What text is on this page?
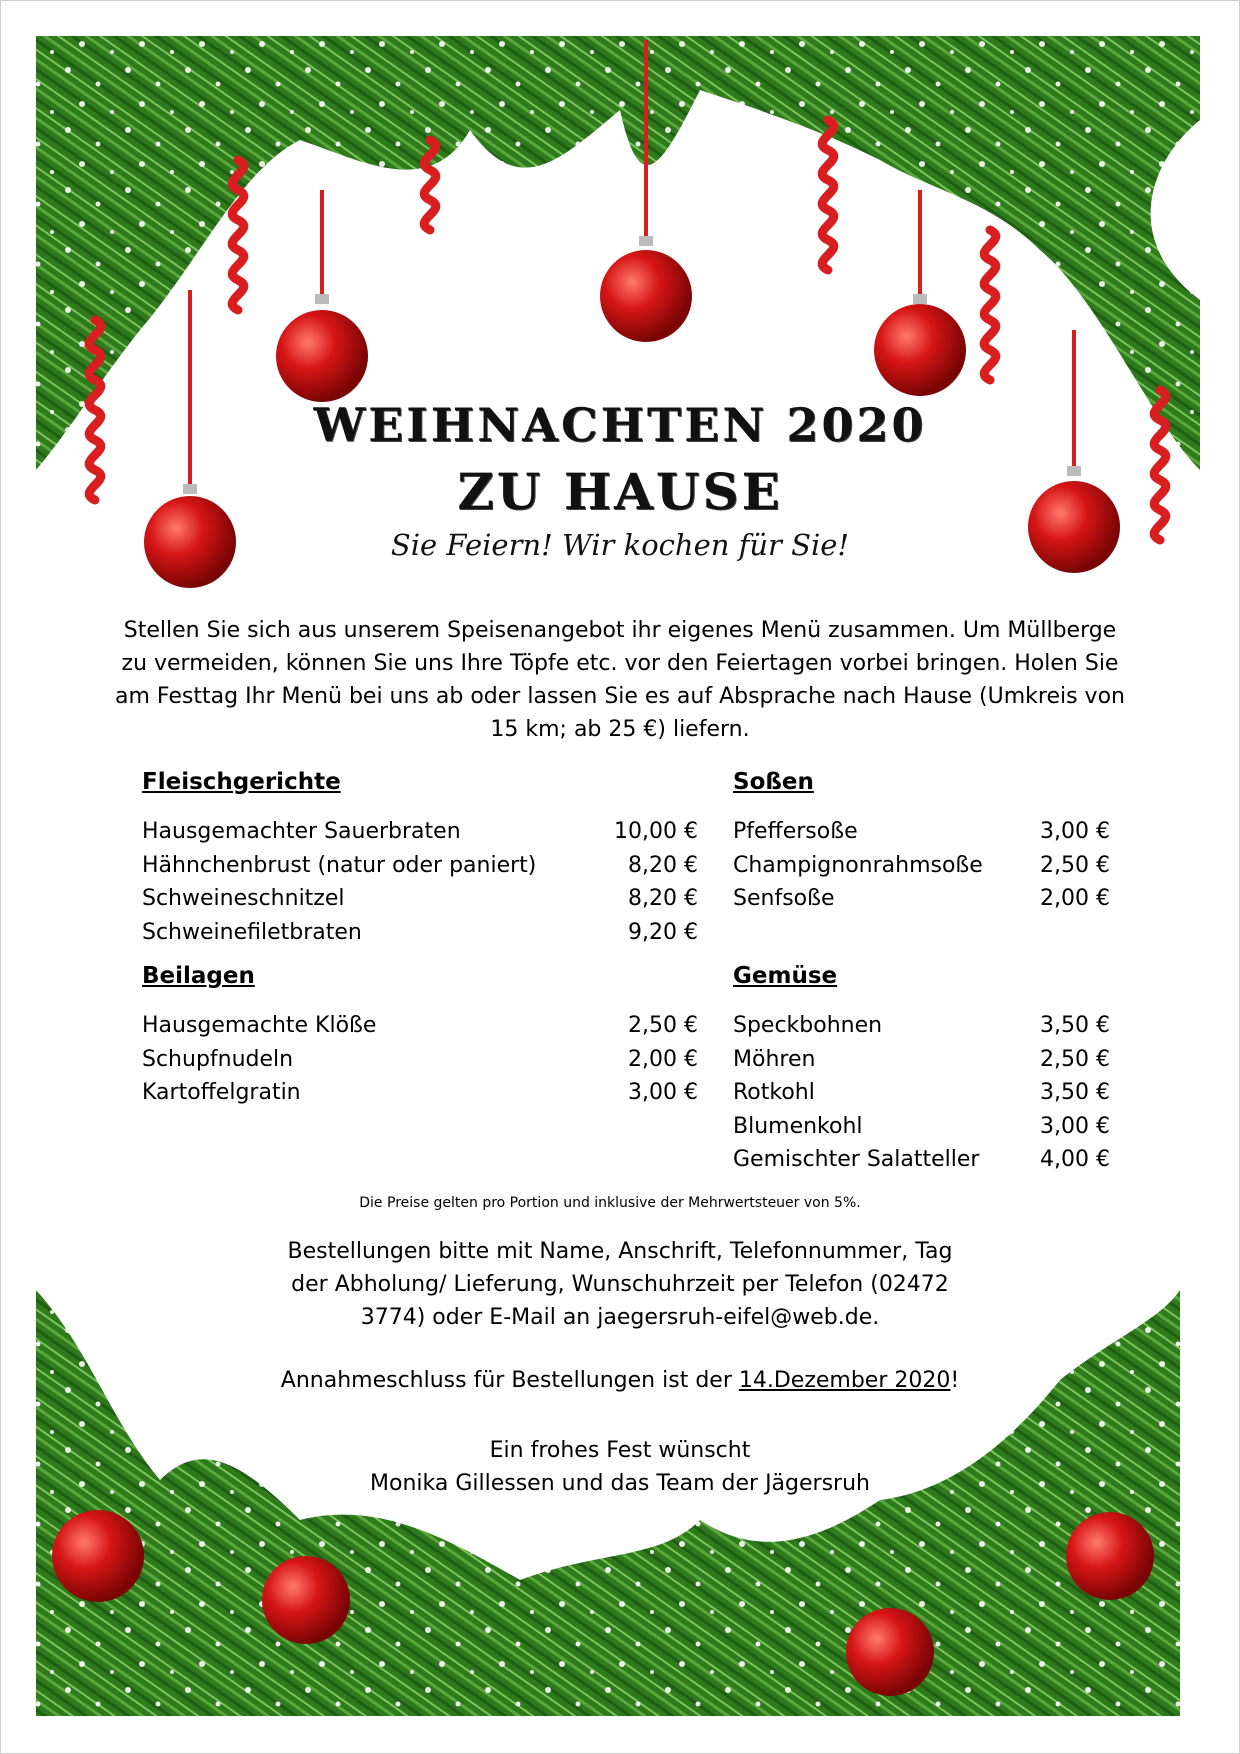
WEIHNACHTEN 2020
ZU HAUSE
Sie Feiern! Wir kochen für Sie!
Stellen Sie sich aus unserem Speisenangebot ihr eigenes Menü zusammen. Um Müllberge zu vermeiden, können Sie uns Ihre Töpfe etc. vor den Feiertagen vorbei bringen. Holen Sie am Festtag Ihr Menü bei uns ab oder lassen Sie es auf Absprache nach Hause (Umkreis von 15 km; ab 25 €) liefern.
Fleischgerichte
Hausgemachter Sauerbraten	10,00 €
Hähnchenbrust (natur oder paniert)	8,20 €
Schweineschnitzel	8,20 €
Schweinefiletbraten	9,20 €
Beilagen
Hausgemachte Klöße	2,50 €
Schupfnudeln	2,00 €
Kartoffelgratin	3,00 €
Soßen
Pfeffersoße	3,00 €
Champignonrahmsoße	2,50 €
Senfsoße	2,00 €
Gemüse
Speckbohnen	3,50 €
Möhren	2,50 €
Rotkohl	3,50 €
Blumenkohl	3,00 €
Gemischter Salatteller	4,00 €
Die Preise gelten pro Portion und inklusive der Mehrwertsteuer von 5%.
Bestellungen bitte mit Name, Anschrift, Telefonnummer, Tag der Abholung/ Lieferung, Wunschuhrzeit per Telefon (02472 3774) oder E-Mail an jaegersruh-eifel@web.de.
Annahmeschluss für Bestellungen ist der 14.Dezember 2020!
Ein frohes Fest wünscht
Monika Gillessen und das Team der Jägersruh
